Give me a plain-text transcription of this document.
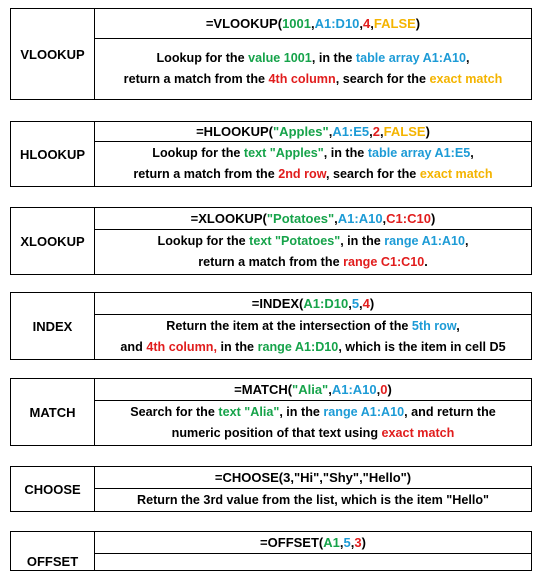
VLOOKUP
=VLOOKUP( 1001 , A1:D10 , 4 , FALSE )
Lookup for the value 1001, in the table array A1:A10,
return a match from the 4th column, search for the exact match
HLOOKUP
=HLOOKUP( "Apples" , A1:E5 , 2 , FALSE )
Lookup for the text "Apples", in the table array A1:E5,
return a match from the 2nd row, search for the exact match
XLOOKUP
=XLOOKUP( "Potatoes" , A1:A10 , C1:C10 )
Lookup for the text "Potatoes", in the range A1:A10,
return a match from the range C1:C10.
INDEX
=INDEX( A1:D10 , 5 , 4 )
Return the item at the intersection of the 5th row,
and 4th column, in the range A1:D10, which is the item in cell D5
MATCH
=MATCH( "Alia" , A1:A10 , 0 )
Search for the text "Alia", in the range A1:A10, and return the
numeric position of that text using exact match
CHOOSE
=CHOOSE(3,"Hi","Shy","Hello")
Return the 3rd value from the list, which is the item "Hello"
OFFSET
=OFFSET( A1 , 5 , 3 )
